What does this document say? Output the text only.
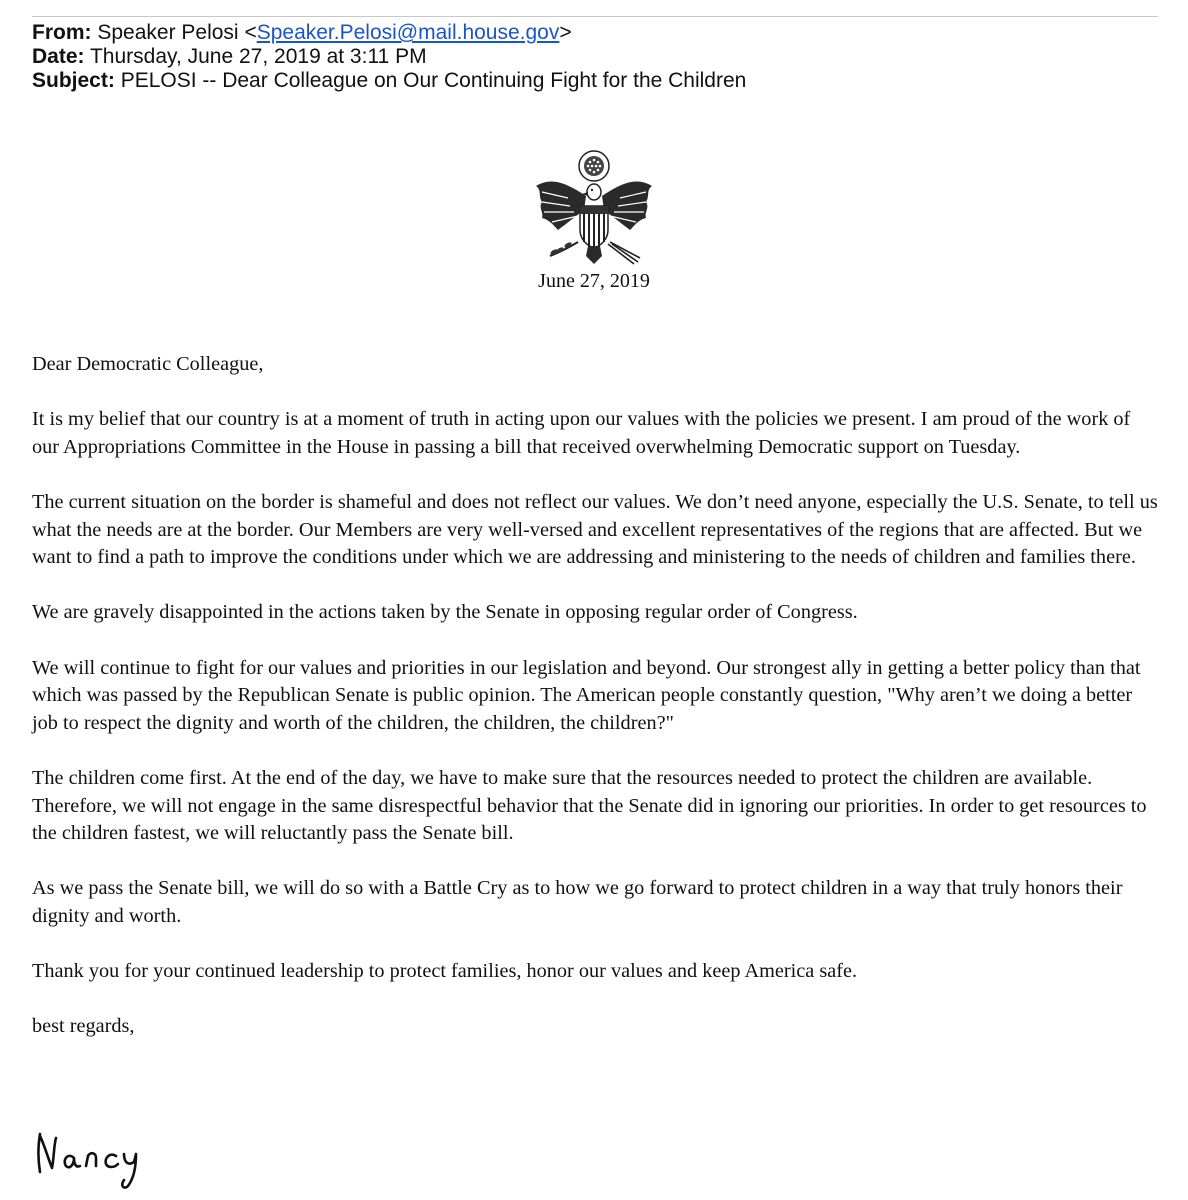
From: Speaker Pelosi <Speaker.Pelosi@mail.house.gov>
Date: Thursday, June 27, 2019 at 3:11 PM
Subject: PELOSI -- Dear Colleague on Our Continuing Fight for the Children
June 27, 2019

Dear Democratic Colleague,

It is my belief that our country is at a moment of truth in acting upon our values with the policies we present. I am proud of the work of our Appropriations Committee in the House in passing a bill that received overwhelming Democratic support on Tuesday.

The current situation on the border is shameful and does not reflect our values. We don’t need anyone, especially the U.S. Senate, to tell us what the needs are at the border. Our Members are very well-versed and excellent representatives of the regions that are affected. But we want to find a path to improve the conditions under which we are addressing and ministering to the needs of children and families there.

We are gravely disappointed in the actions taken by the Senate in opposing regular order of Congress.

We will continue to fight for our values and priorities in our legislation and beyond. Our strongest ally in getting a better policy than that which was passed by the Republican Senate is public opinion. The American people constantly question, "Why aren’t we doing a better job to respect the dignity and worth of the children, the children, the children?"

The children come first. At the end of the day, we have to make sure that the resources needed to protect the children are available. Therefore, we will not engage in the same disrespectful behavior that the Senate did in ignoring our priorities. In order to get resources to the children fastest, we will reluctantly pass the Senate bill.

As we pass the Senate bill, we will do so with a Battle Cry as to how we go forward to protect children in a way that truly honors their dignity and worth.

Thank you for your continued leadership to protect families, honor our values and keep America safe.

best regards,
